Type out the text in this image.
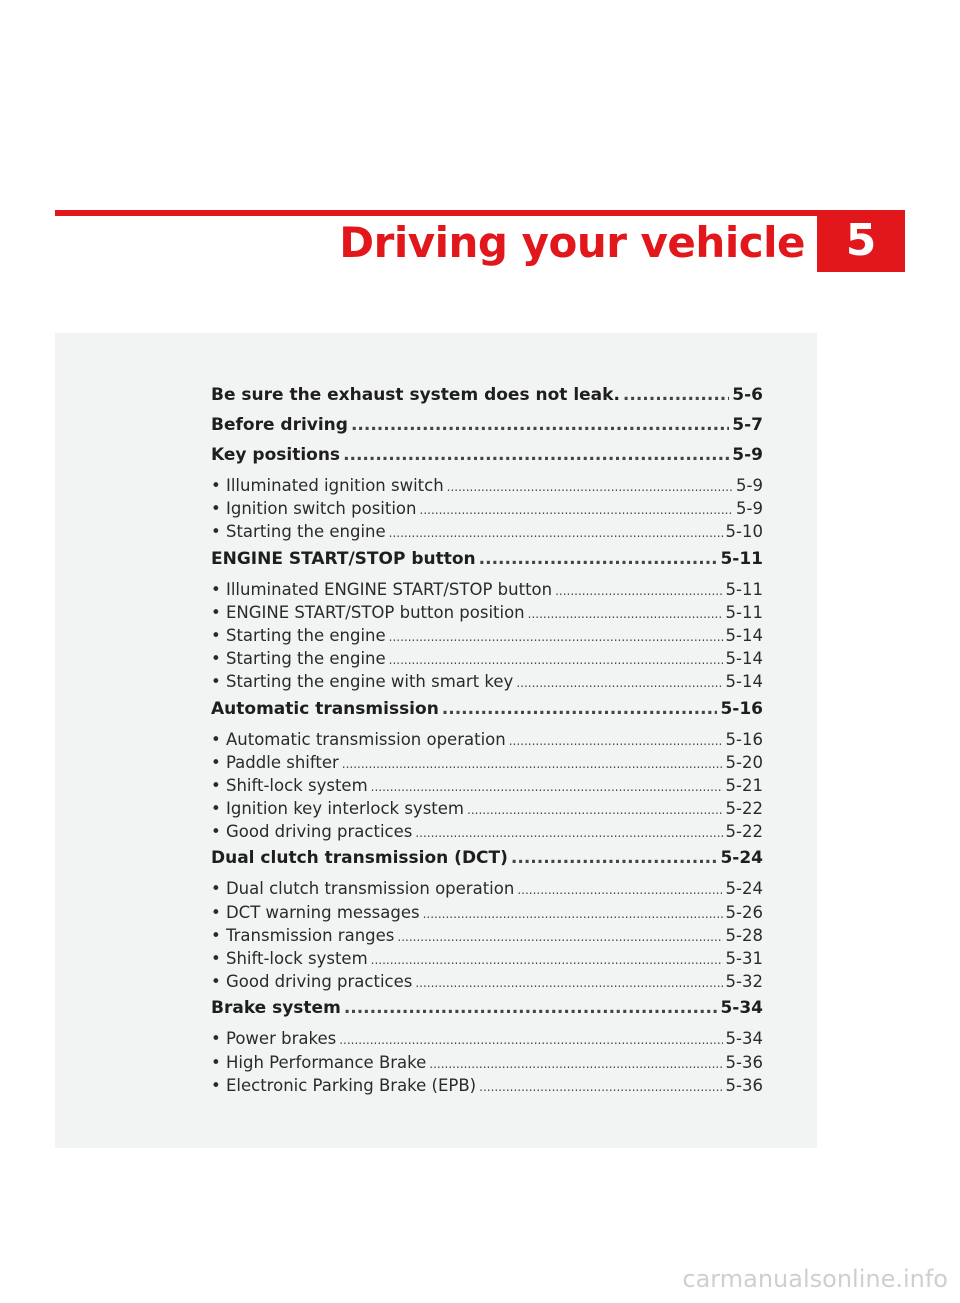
Driving your vehicle 5
Be sure the exhaust system does not leak. .....	5-6
Before driving .....	5-7
Key positions .....	5-9
• Illuminated ignition switch .....	5-9
• Ignition switch position .....	5-9
• Starting the engine .....	5-10
ENGINE START/STOP button .....	5-11
• Illuminated ENGINE START/STOP button .....	5-11
• ENGINE START/STOP button position .....	5-11
• Starting the engine .....	5-14
• Starting the engine .....	5-14
• Starting the engine with smart key .....	5-14
Automatic transmission .....	5-16
• Automatic transmission operation .....	5-16
• Paddle shifter .....	5-20
• Shift-lock system .....	5-21
• Ignition key interlock system .....	5-22
• Good driving practices .....	5-22
Dual clutch transmission (DCT) .....	5-24
• Dual clutch transmission operation .....	5-24
• DCT warning messages .....	5-26
• Transmission ranges .....	5-28
• Shift-lock system .....	5-31
• Good driving practices .....	5-32
Brake system .....	5-34
• Power brakes .....	5-34
• High Performance Brake .....	5-36
• Electronic Parking Brake (EPB) .....	5-36
carmanualsonline.info
